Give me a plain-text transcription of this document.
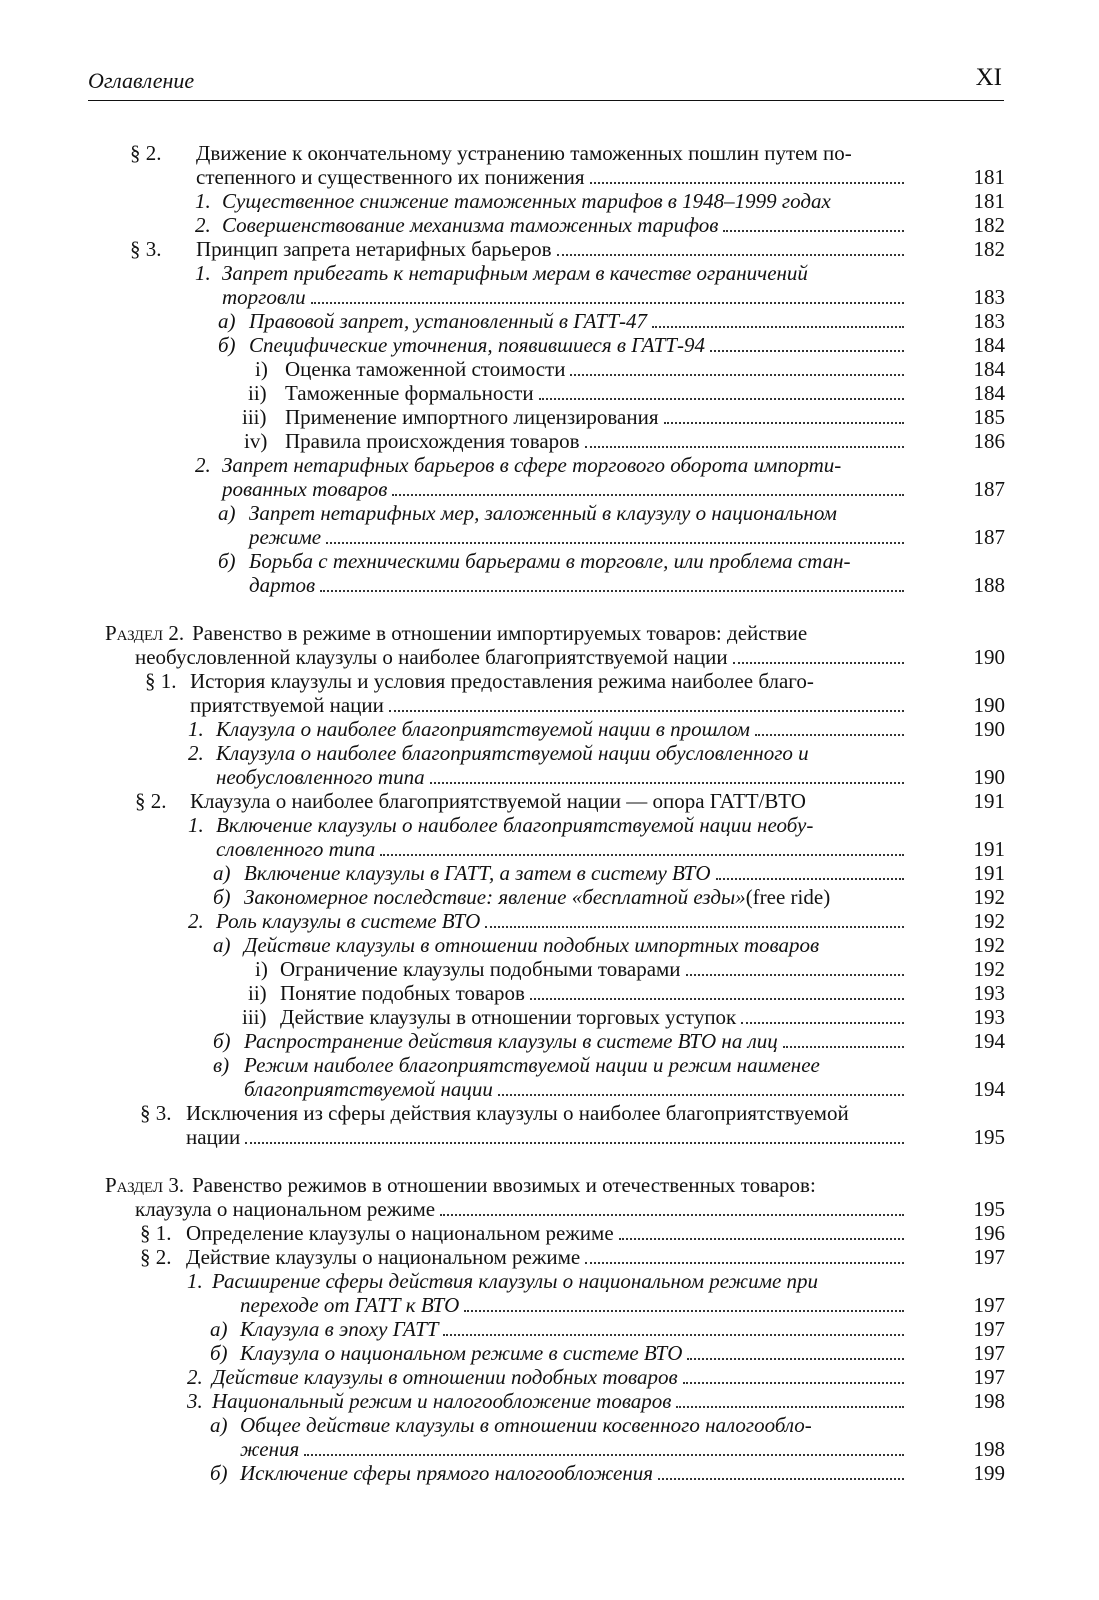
Оглавление	XI
§ 2.	Движение к окончательному устранению таможенных пошлин путем по-
степенного и существенного их понижения	181
1. Существенное снижение таможенных тарифов в 1948–1999 годах	181
2. Совершенствование механизма таможенных тарифов	182
§ 3.	Принцип запрета нетарифных барьеров	182
1. Запрет прибегать к нетарифным мерам в качестве ограничений
торговли	183
а) Правовой запрет, установленный в ГАТТ-47	183
б) Специфические уточнения, появившиеся в ГАТТ-94	184
i) Оценка таможенной стоимости	184
ii) Таможенные формальности	184
iii) Применение импортного лицензирования	185
iv) Правила происхождения товаров	186
2. Запрет нетарифных барьеров в сфере торгового оборота импорти-
рованных товаров	187
а) Запрет нетарифных мер, заложенный в клаузулу о национальном
режиме	187
б) Борьба с техническими барьерами в торговле, или проблема стан-
дартов	188
Раздел 2. Равенство в режиме в отношении импортируемых товаров: действие
необусловленной клаузулы о наиболее благоприятствуемой нации	190
§ 1. История клаузулы и условия предоставления режима наиболее благо-
приятствуемой нации	190
1. Клаузула о наиболее благоприятствуемой нации в прошлом	190
2. Клаузула о наиболее благоприятствуемой нации обусловленного и
необусловленного типа	190
§ 2.	Клаузула о наиболее благоприятствуемой нации — опора ГАТТ/ВТО	191
1. Включение клаузулы о наиболее благоприятствуемой нации необу-
словленного типа	191
а) Включение клаузулы в ГАТТ, а затем в систему ВТО	191
б) Закономерное последствие: явление «бесплатной езды» (free ride)	192
2. Роль клаузулы в системе ВТО	192
а) Действие клаузулы в отношении подобных импортных товаров	192
i) Ограничение клаузулы подобными товарами	192
ii) Понятие подобных товаров	193
iii) Действие клаузулы в отношении торговых уступок	193
б) Распространение действия клаузулы в системе ВТО на лиц	194
в) Режим наиболее благоприятствуемой нации и режим наименее
благоприятствуемой нации	194
§ 3. Исключения из сферы действия клаузулы о наиболее благоприятствуемой
нации	195
Раздел 3. Равенство режимов в отношении ввозимых и отечественных товаров:
клаузула о национальном режиме	195
§ 1. Определение клаузулы о национальном режиме	196
§ 2. Действие клаузулы о национальном режиме	197
1. Расширение сферы действия клаузулы о национальном режиме при
переходе от ГАТТ к ВТО	197
а) Клаузула в эпоху ГАТТ	197
б) Клаузула о национальном режиме в системе ВТО	197
2. Действие клаузулы в отношении подобных товаров	197
3. Национальный режим и налогообложение товаров	198
а) Общее действие клаузулы в отношении косвенного налогообло-
жения	198
б) Исключение сферы прямого налогообложения	199
